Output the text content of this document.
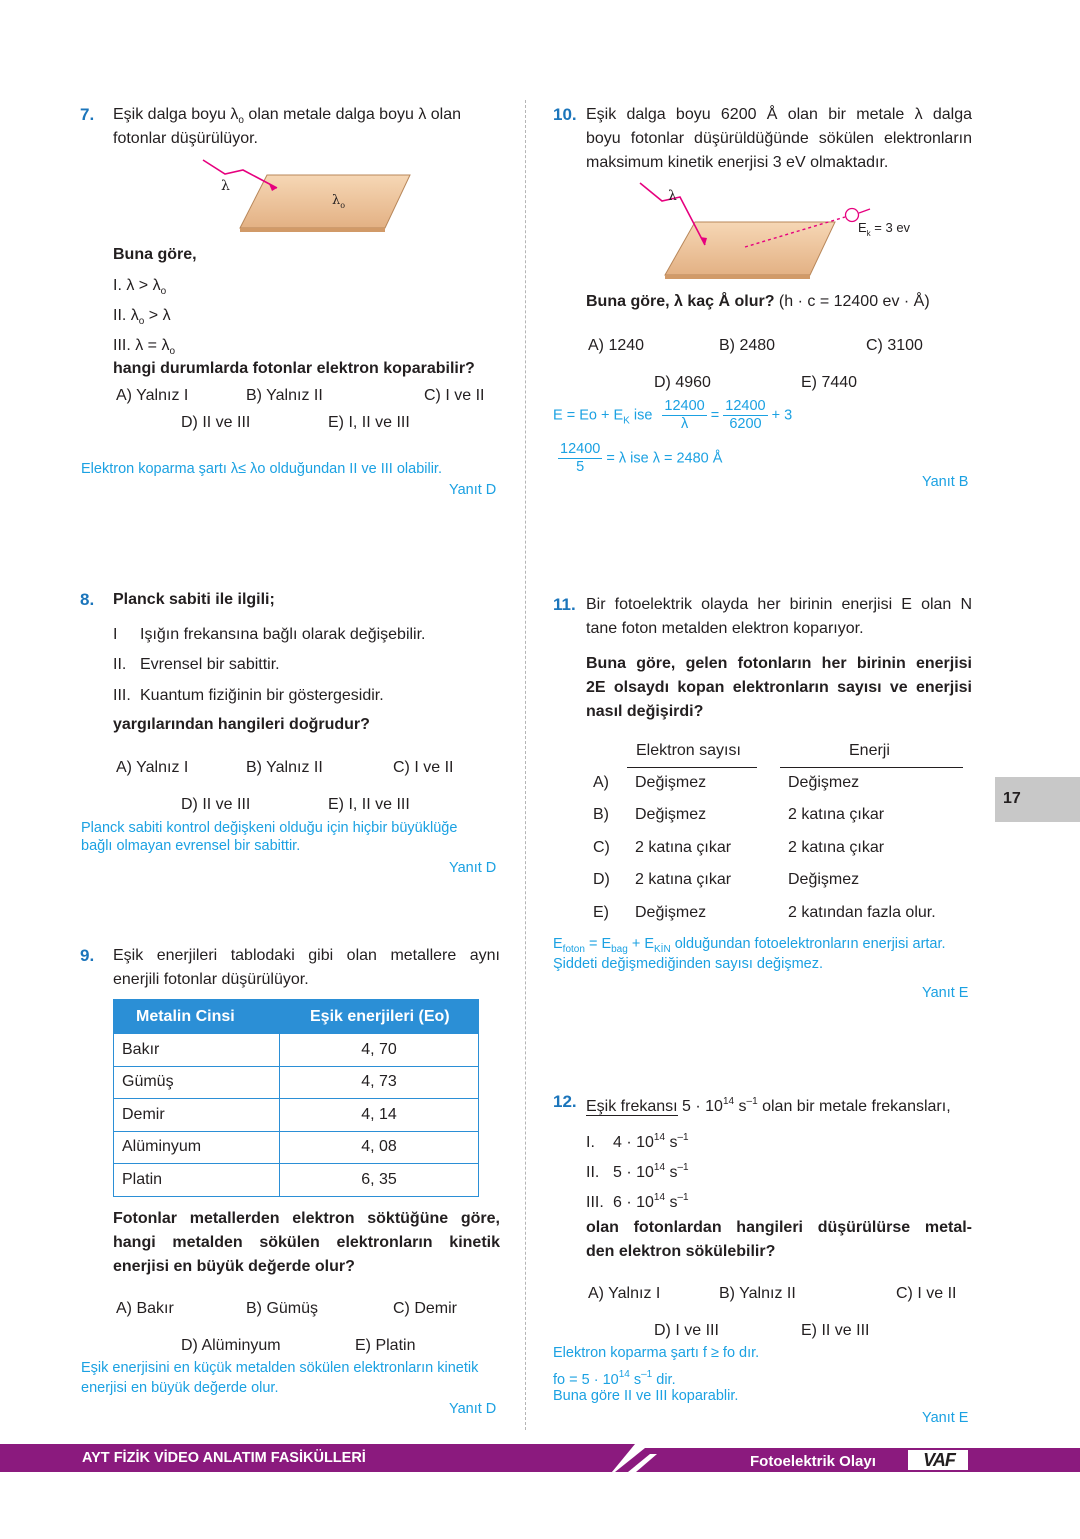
7. Eşik dalga boyu $\lambda_o$ olan metale dalga boyu λ olan
fotonlar düşürülüyor.
λ
$\lambda_o$
Buna göre,
I. $\lambda > \lambda_o$
II. $\lambda_o > \lambda$
III. $\lambda = \lambda_o$
hangi durumlarda fotonlar elektron koparabilir?
A) Yalnız I	B) Yalnız II	C) I ve II
D) II ve III	E) I, II ve III
Elektron koparma şartı λ≤ λo olduğundan II ve III olabilir.
Yanıt D
8. Planck sabiti ile ilgili;
I Işığın frekansına bağlı olarak değişebilir.
II. Evrensel bir sabittir.
III. Kuantum fiziğinin bir göstergesidir.
yargılarından hangileri doğrudur?
A) Yalnız I	B) Yalnız II	C) I ve II
D) II ve III	E) I, II ve III
Planck sabiti kontrol değişkeni olduğu için hiçbir büyüklüğe
bağlı olmayan evrensel bir sabittir.
Yanıt D
9. Eşik enerjileri tablodaki gibi olan metallere aynı
enerjili fotonlar düşürülüyor.
Metalin Cinsi	Eşik enerjileri (Eo)
Bakır	4, 70
Gümüş	4, 73
Demir	4, 14
Alüminyum	4, 08
Platin	6, 35
Fotonlar metallerden elektron söktüğüne göre,
hangi metalden sökülen elektronların kinetik
enerjisi en büyük değerde olur?
A) Bakır	B) Gümüş	C) Demir
D) Alüminyum	E) Platin
Eşik enerjisini en küçük metalden sökülen elektronların kinetik
enerjisi en büyük değerde olur.
Yanıt D
10. Eşik dalga boyu 6200 Å olan bir metale λ dalga
boyu fotonlar düşürüldüğünde sökülen elektronların
maksimum kinetik enerjisi 3 eV olmaktadır.
λ
$E_k = 3$ ev
Buna göre, λ kaç Å olur? (h · c = 12400 ev · Å)
A) 1240	B) 2480	C) 3100
D) 4960	E) 7440
$E = Eo + E_K$ ise $\frac{12400}{\lambda} = \frac{12400}{6200} + 3$
$\frac{12400}{5} = \lambda$ ise λ = 2480 Å
Yanıt B
11. Bir fotoelektrik olayda her birinin enerjisi E olan N
tane foton metalden elektron koparıyor.
Buna göre, gelen fotonların her birinin enerjisi
2E olsaydı kopan elektronların sayısı ve enerjisi
nasıl değişirdi?
Elektron sayısı	Enerji
A) Değişmez	Değişmez
B) Değişmez	2 katına çıkar
C) 2 katına çıkar	2 katına çıkar
D) 2 katına çıkar	Değişmez
E) Değişmez	2 katından fazla olur.
$E_{foton} = E_{bag} + E_{KİN}$ olduğundan fotoelektronların enerjisi artar.
Şiddeti değişmediğinden sayısı değişmez.
Yanıt E
12. Eşik frekansı $5 \cdot 10^{14}$ $s^{-1}$ olan bir metale frekansları,
I. $4 \cdot 10^{14}$ $s^{-1}$
II. $5 \cdot 10^{14}$ $s^{-1}$
III. $6 \cdot 10^{14}$ $s^{-1}$
olan fotonlardan hangileri düşürülürse metal-
den elektron sökülebilir?
A) Yalnız I	B) Yalnız II	C) I ve II
D) I ve III	E) II ve III
Elektron koparma şartı f ≥ fo dır.
fo = $5 \cdot 10^{14}$ $s^{-1}$ dir.
Buna göre II ve III koparablir.
Yanıt E
17
AYT FİZİK VİDEO ANLATIM FASİKÜLLERİ	Fotoelektrik Olayı	VAF
